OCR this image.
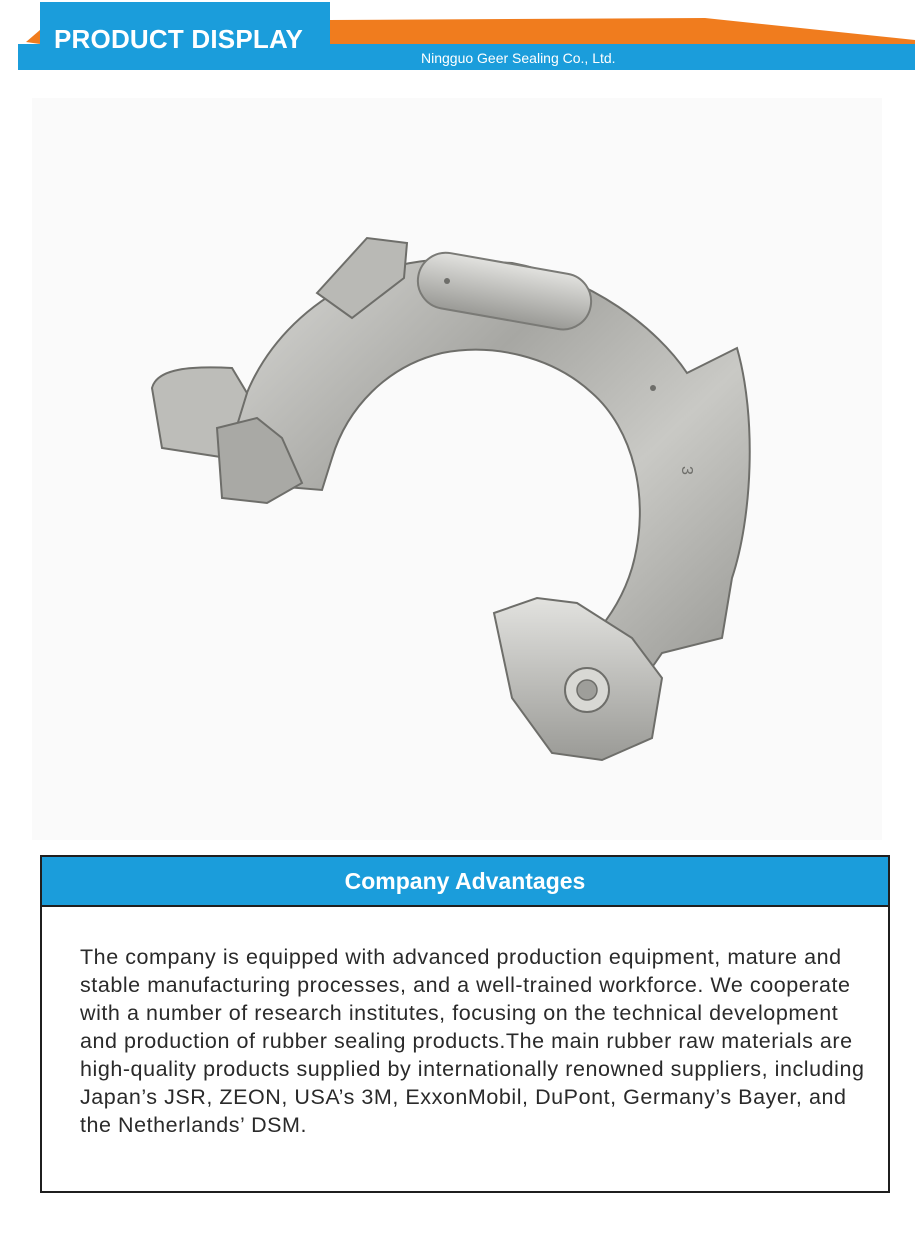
PRODUCT DISPLAY
Ningguo Geer Sealing Co., Ltd.
3
Company Advantages
The company is equipped with advanced production equipment, mature and stable manufacturing processes, and a well-trained workforce. We cooperate with a number of research institutes, focusing on the technical development and production of rubber sealing products.The main rubber raw materials are high-quality products supplied by internationally renowned suppliers, including Japan’s JSR, ZEON, USA’s 3M, ExxonMobil, DuPont, Germany’s Bayer, and the Netherlands’ DSM.
